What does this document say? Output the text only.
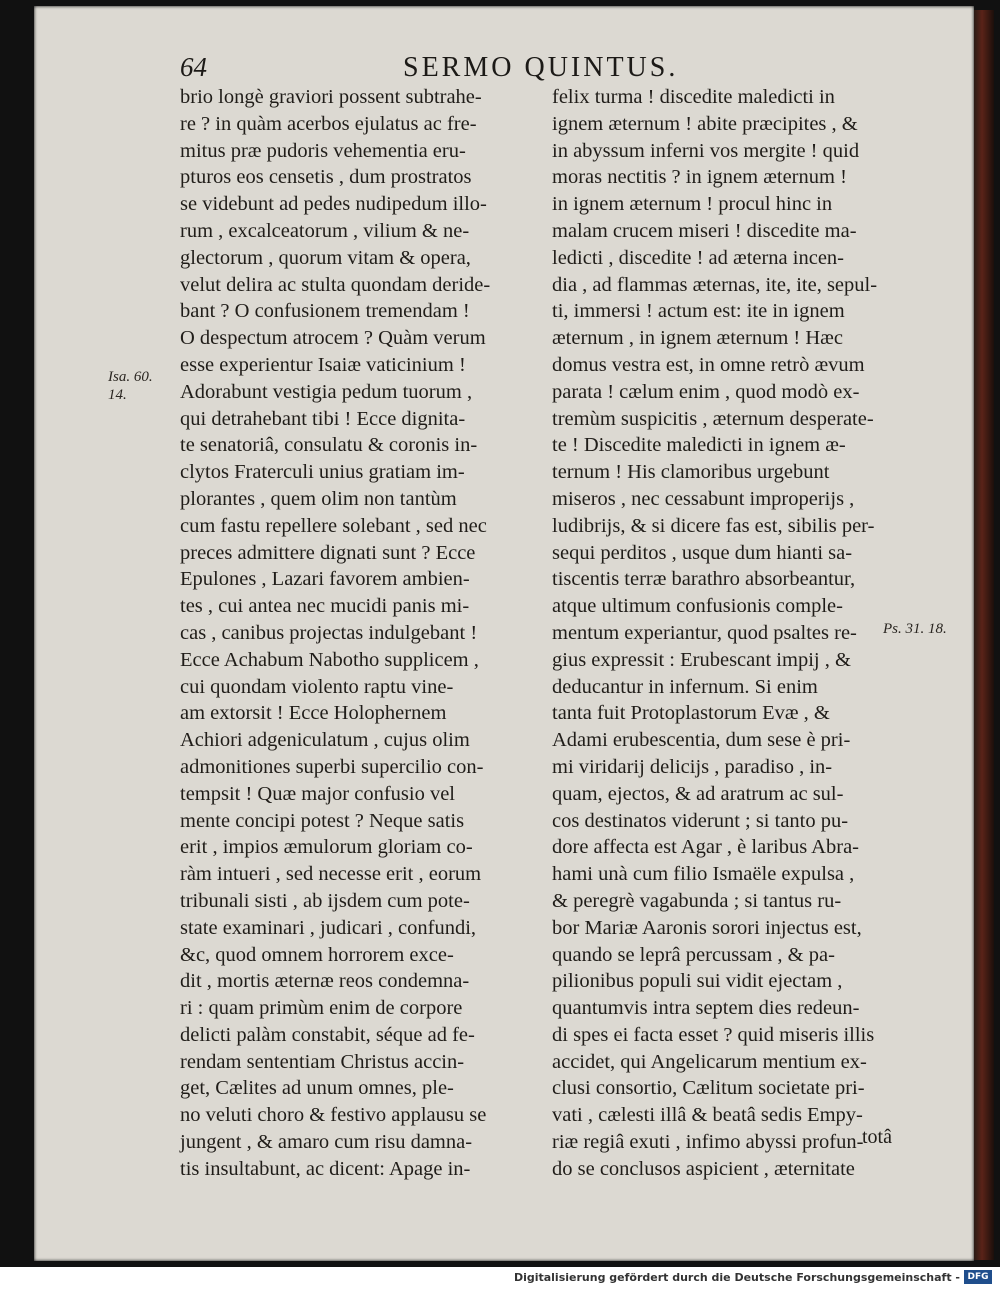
64	SERMO QUINTUS.
brio longè graviori possent subtrahe-
re ? in quàm acerbos ejulatus ac fre-
mitus præ pudoris vehementia eru-
pturos eos censetis , dum prostratos
se videbunt ad pedes nudipedum illo-
rum , excalceatorum , vilium & ne-
glectorum , quorum vitam & opera,
velut delira ac stulta quondam deride-
bant ? O confusionem tremendam !
O despectum atrocem ? Quàm verum
esse experientur Isaiæ vaticinium !
Adorabunt vestigia pedum tuorum ,
qui detrahebant tibi ! Ecce dignita-
te senatoriâ, consulatu & coronis in-
clytos Fraterculi unius gratiam im-
plorantes , quem olim non tantùm
cum fastu repellere solebant , sed nec
preces admittere dignati sunt ? Ecce
Epulones , Lazari favorem ambien-
tes , cui antea nec mucidi panis mi-
cas , canibus projectas indulgebant !
Ecce Achabum Nabotho supplicem ,
cui quondam violento raptu vine-
am extorsit ! Ecce Holophernem
Achiori adgeniculatum , cujus olim
admonitiones superbi supercilio con-
tempsit ! Quæ major confusio vel
mente concipi potest ? Neque satis
erit , impios æmulorum gloriam co-
ràm intueri , sed necesse erit , eorum
tribunali sisti , ab ijsdem cum pote-
state examinari , judicari , confundi,
&c, quod omnem horrorem exce-
dit , mortis æternæ reos condemna-
ri : quam primùm enim de corpore
delicti palàm constabit, séque ad fe-
rendam sententiam Christus accin-
get, Cælites ad unum omnes, ple-
no veluti choro & festivo applausu se
jungent , & amaro cum risu damna-
tis insultabunt, ac dicent: Apage in-
felix turma ! discedite maledicti in
ignem æternum ! abite præcipites , &
in abyssum inferni vos mergite ! quid
moras nectitis ? in ignem æternum !
in ignem æternum ! procul hinc in
malam crucem miseri ! discedite ma-
ledicti , discedite ! ad æterna incen-
dia , ad flammas æternas, ite, ite, sepul-
ti, immersi ! actum est: ite in ignem
æternum , in ignem æternum ! Hæc
domus vestra est, in omne retrò ævum
parata ! cælum enim , quod modò ex-
tremùm suspicitis , æternum desperate-
te ! Discedite maledicti in ignem æ-
ternum ! His clamoribus urgebunt
miseros , nec cessabunt improperijs ,
ludibrijs, & si dicere fas est, sibilis per-
sequi perditos , usque dum hianti sa-
tiscentis terræ barathro absorbeantur,
atque ultimum confusionis comple-
mentum experiantur, quod psaltes re-
gius expressit : Erubescant impij , &
deducantur in infernum. Si enim
tanta fuit Protoplastorum Evæ , &
Adami erubescentia, dum sese è pri-
mi viridarij delicijs , paradiso , in-
quam, ejectos, & ad aratrum ac sul-
cos destinatos viderunt ; si tanto pu-
dore affecta est Agar , è laribus Abra-
hami unà cum filio Ismaële expulsa ,
& peregrè vagabunda ; si tantus ru-
bor Mariæ Aaronis sorori injectus est,
quando se leprâ percussam , & pa-
pilionibus populi sui vidit ejectam ,
quantumvis intra septem dies redeun-
di spes ei facta esset ? quid miseris illis
accidet, qui Angelicarum mentium ex-
clusi consortio, Cælitum societate pri-
vati , cælesti illâ & beatâ sedis Empy-
riæ regiâ exuti , infimo abyssi profun-
do se conclusos aspicient , æternitate
Isa. 60.
14.
Ps. 31. 18.
totâ
Digitalisierung gefördert durch die Deutsche Forschungsgemeinschaft - DFG
